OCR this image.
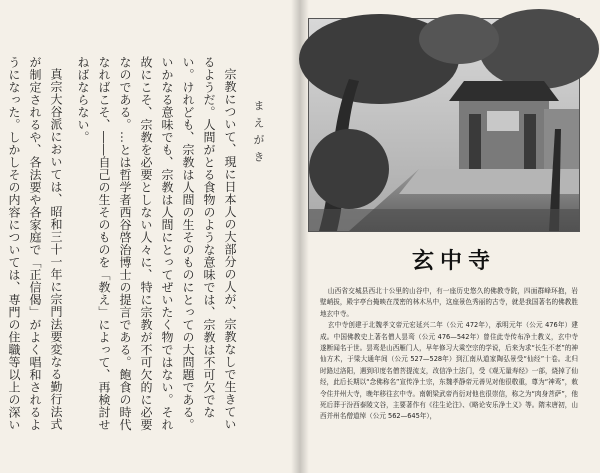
宗教について、現に日本人の大部分の人が、宗教なしで生きているようだ。人間がとる食物のような意味では、宗教は不可欠でない。けれども、宗教は人間の生そのものにとっての大問題である。いかなる意味でも、宗教は人間にとってぜいたく物ではない。それ故にこそ、宗教を必要としない人々に、特に宗教が不可欠的に必要なのである。…とは哲学者西谷啓治博士の提言である。飽食の時代なればこそ、――自己の生そのものを「教え」によって、再検討せねばならない。

真宗大谷派においては、昭和三十一年に宗門法要変なる勤行法式が制定されるや、各法要や各家庭で「正信偈」がよく唱和されるようになった。しかしその内容については、専門の住職等以上の深い

まえがき
玄中寺

山西省交城县西北十公里的山谷中，有一座历史悠久的佛教寺院，四面群峰环抱，岩壁峭拔，殿宇亭台掩映在茂密的林木丛中，这座景色秀丽的古寺，就是我国著名的佛教胜地玄中寺。

玄中寺创建于北魏孝文帝元宏延兴二年（公元 472年），承明元年（公元 476年）建成。中国佛教史上著名僧人昙鸾（公元 476—542年）曾住此寺传布净土教义，玄中寺遂断闻名于世。昙鸾是山西雁门人，早年修习大乘空宗的学说，后来为求“长生不老”的神仙方术，于梁大通年间（公元 527—528年）到江南从道家陶弘景受“仙经”十卷。北归时路过洛阳，遇到印度名僧菩提流支，改信净土法门，受《观无量寿经》一部，烧掉了仙经，此后长期以“念佛称名”宣传净土宗，东魏孝静帝元善见对他很敬重，尊为“神鸾”，敕令住并州大寺，晚年移往玄中寺。南朝梁武帝肖衍对他也很崇信，称之为“肉身菩萨”，他死后葬于汾西泰陵文谷，主要著作有《往生论注》、《略论安乐净土义》等。隋末唐初，山西并州名僧道绰（公元 562—645年），
